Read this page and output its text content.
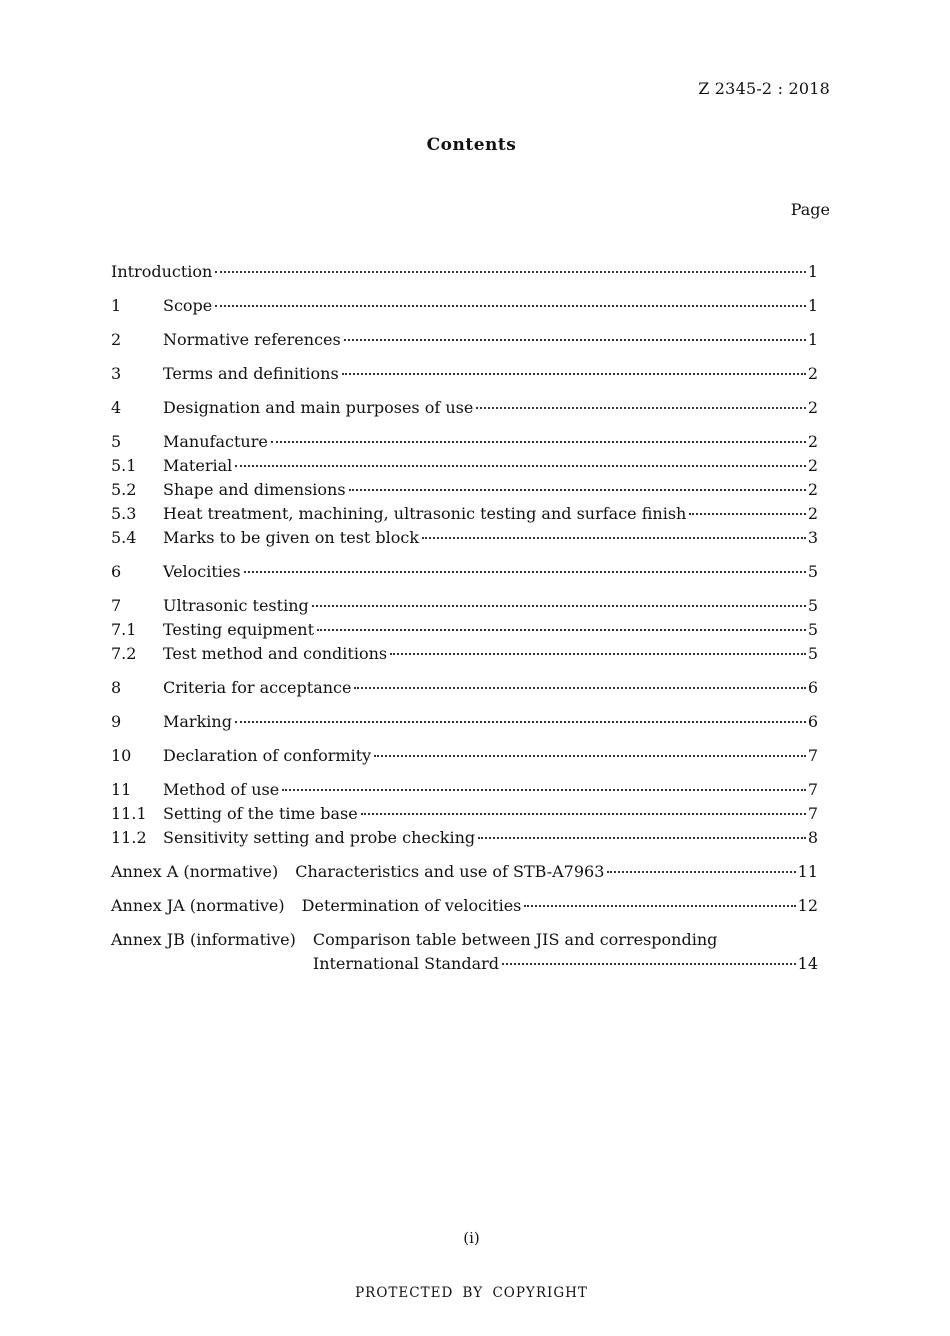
Z 2345-2 : 2018
Contents
Page
Introduction	1
1	Scope	1
2	Normative references	1
3	Terms and definitions	2
4	Designation and main purposes of use	2
5	Manufacture	2
5.1	Material	2
5.2	Shape and dimensions	2
5.3	Heat treatment, machining, ultrasonic testing and surface finish	2
5.4	Marks to be given on test block	3
6	Velocities	5
7	Ultrasonic testing	5
7.1	Testing equipment	5
7.2	Test method and conditions	5
8	Criteria for acceptance	6
9	Marking	6
10	Declaration of conformity	7
11	Method of use	7
11.1	Setting of the time base	7
11.2	Sensitivity setting and probe checking	8
Annex A (normative) Characteristics and use of STB-A7963	11
Annex JA (normative) Determination of velocities	12
Annex JB (informative) Comparison table between JIS and corresponding
International Standard	14
(i)
PROTECTED BY COPYRIGHT
